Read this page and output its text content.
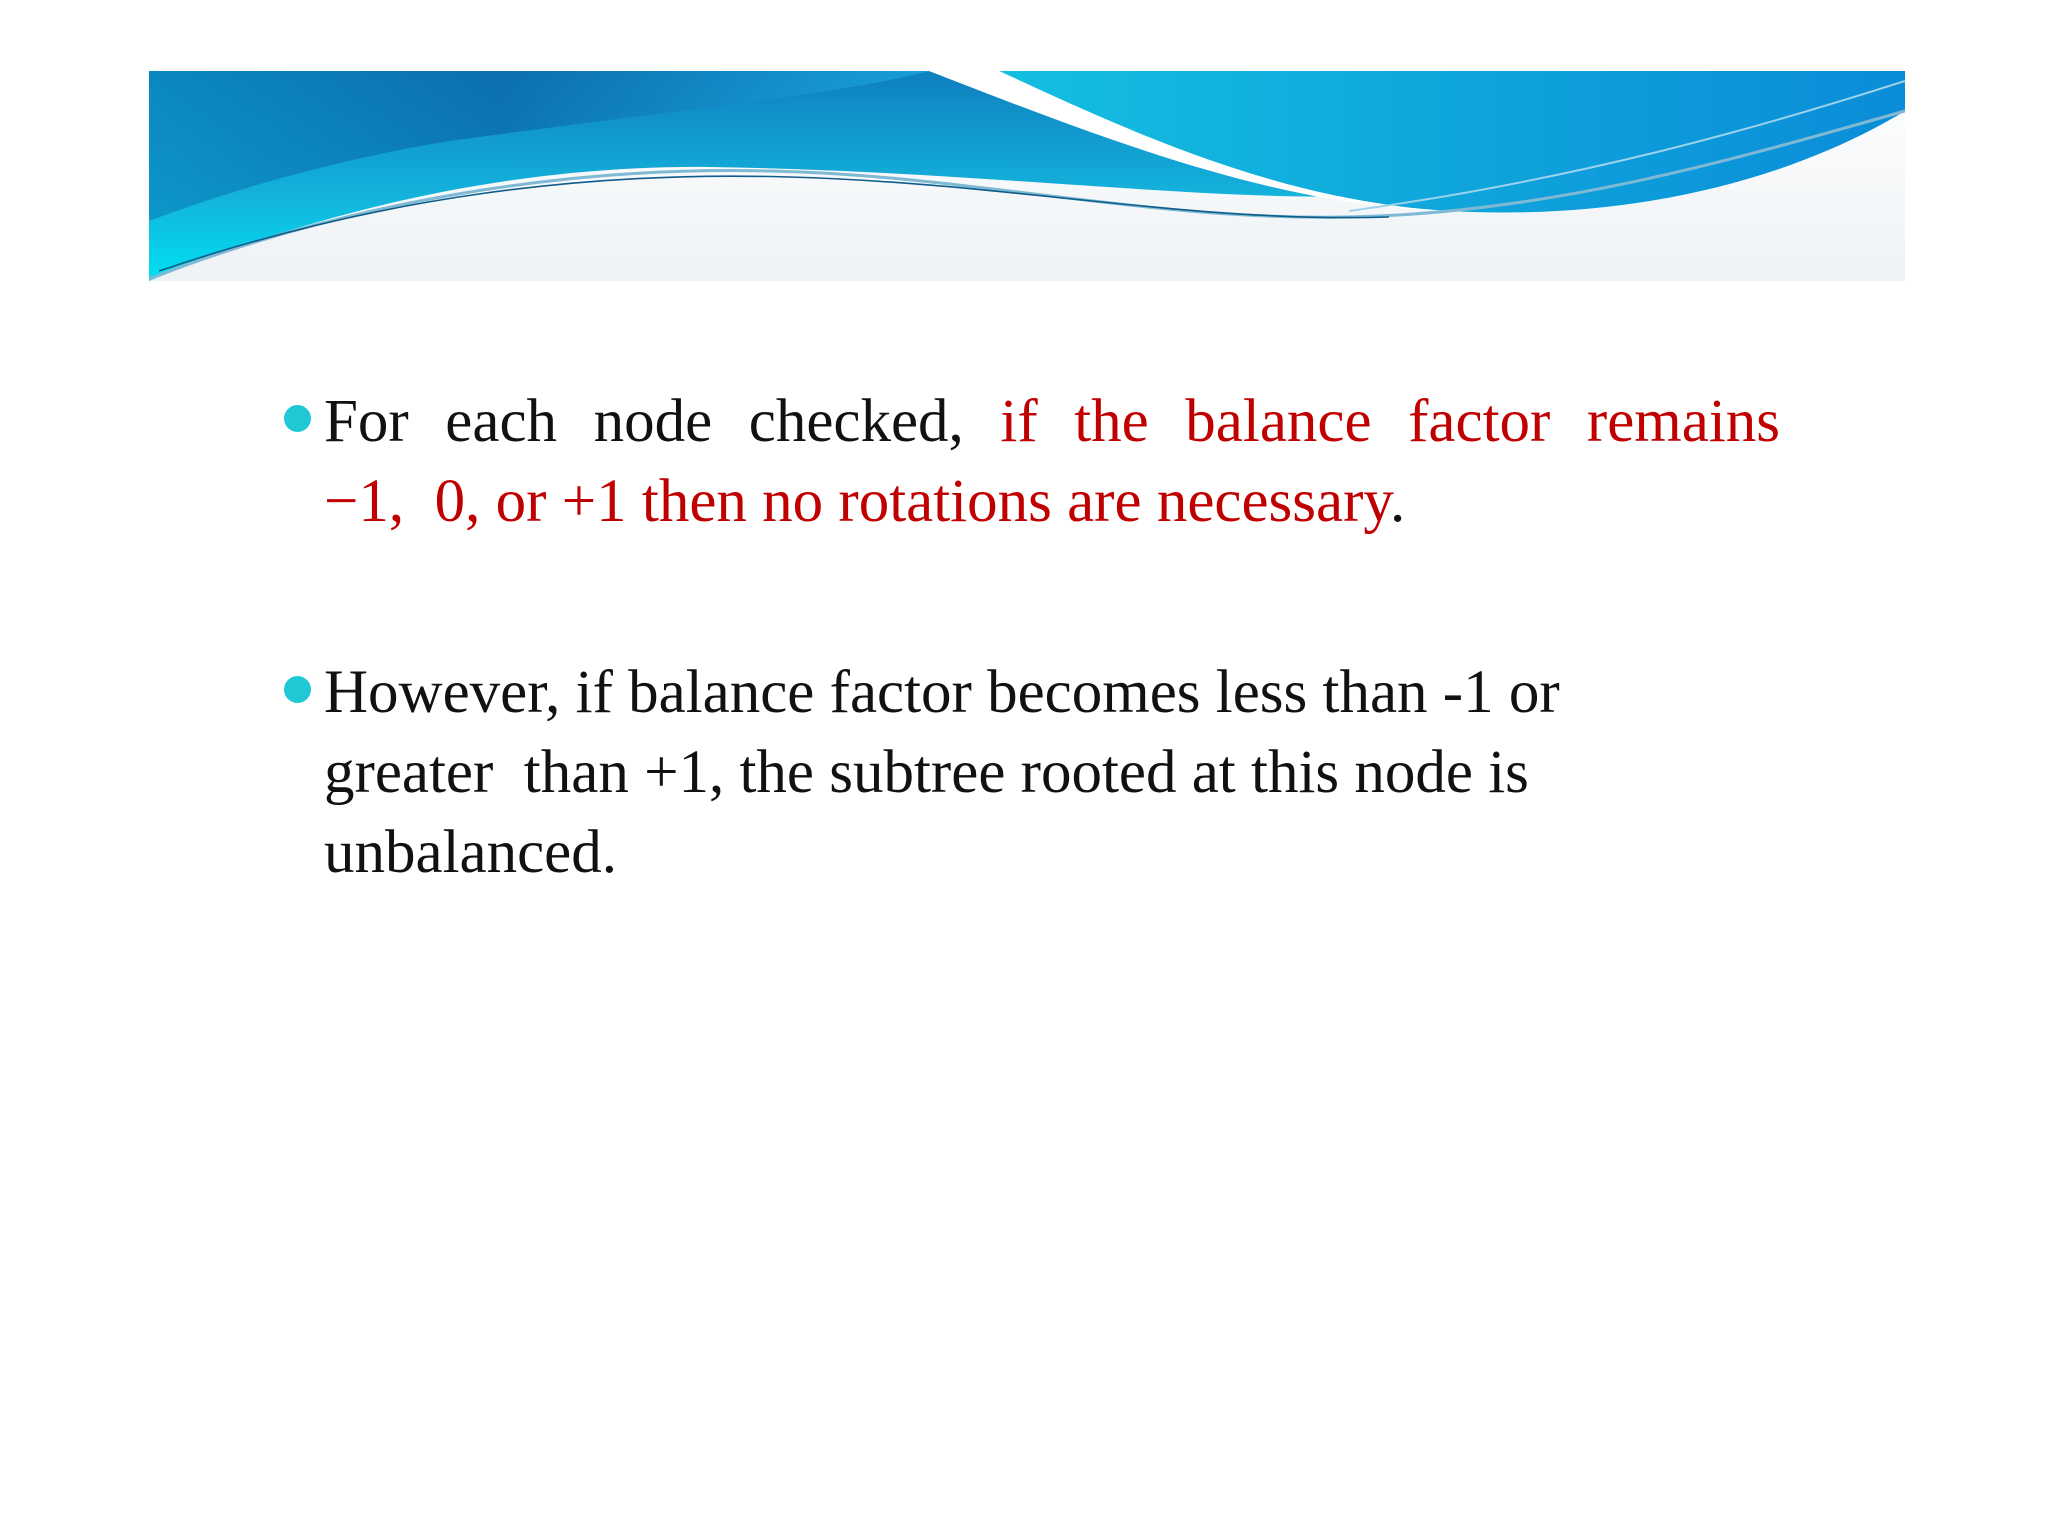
For each node checked, if the balance factor remains
−1,  0, or +1 then no rotations are necessary.
However, if balance factor becomes less than -1 or
greater  than +1, the subtree rooted at this node is
unbalanced.
